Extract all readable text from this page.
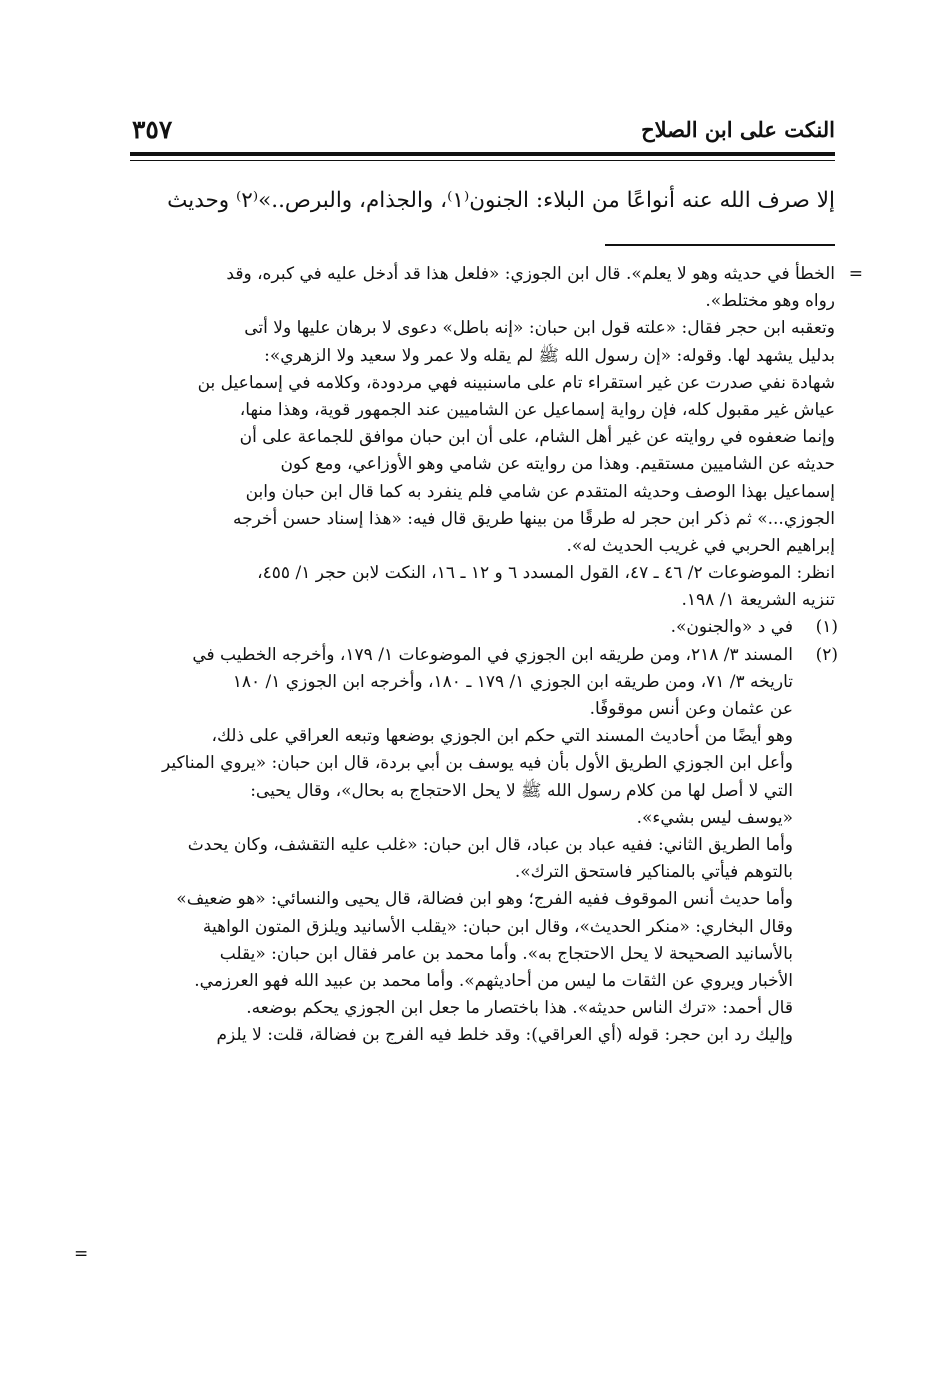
النكت على ابن الصلاح
٣٥٧
إلا صرف الله عنه أنواعًا من البلاء: الجنون⁽١⁾، والجذام، والبرص..»⁽٢⁾ وحديث
=
الخطأ في حديثه وهو لا يعلم». قال ابن الجوزي: «فلعل هذا قد أدخل عليه في كبره، وقد
رواه وهو مختلط».
وتعقبه ابن حجر فقال: «علته قول ابن حبان: «إنه باطل» دعوى لا برهان عليها ولا أتى
بدليل يشهد لها. وقوله: «إن رسول الله ﷺ لم يقله ولا عمر ولا سعيد ولا الزهري»:
شهادة نفي صدرت عن غير استقراء تام على ماسنبينه فهي مردودة، وكلامه في إسماعيل بن
عياش غير مقبول كله، فإن رواية إسماعيل عن الشاميين عند الجمهور قوية، وهذا منها،
وإنما ضعفوه في روايته عن غير أهل الشام، على أن ابن حبان موافق للجماعة على أن
حديثه عن الشاميين مستقيم. وهذا من روايته عن شامي وهو الأوزاعي، ومع كون
إسماعيل بهذا الوصف وحديثه المتقدم عن شامي فلم ينفرد به كما قال ابن حبان وابن
الجوزي...» ثم ذكر ابن حجر له طرقًا من بينها طريق قال فيه: «هذا إسناد حسن أخرجه
إبراهيم الحربي في غريب الحديث له».
انظر: الموضوعات ٢/ ٤٦ ـ ٤٧، القول المسدد ٦ و ١٢ ـ ١٦، النكت لابن حجر ١/ ٤٥٥،
تنزيه الشريعة ١/ ١٩٨.
(١)
في د «والجنون».
(٢)
المسند ٣/ ٢١٨، ومن طريقه ابن الجوزي في الموضوعات ١/ ١٧٩، وأخرجه الخطيب في
تاريخه ٣/ ٧١، ومن طريقه ابن الجوزي ١/ ١٧٩ ـ ١٨٠، وأخرجه ابن الجوزي ١/ ١٨٠
عن عثمان وعن أنس موقوفًا.
وهو أيضًا من أحاديث المسند التي حكم ابن الجوزي بوضعها وتبعه العراقي على ذلك،
وأعل ابن الجوزي الطريق الأول بأن فيه يوسف بن أبي بردة، قال ابن حبان: «يروي المناكير
التي لا أصل لها من كلام رسول الله ﷺ لا يحل الاحتجاج به بحال»، وقال يحيى:
«يوسف ليس بشيء».
وأما الطريق الثاني: ففيه عباد بن عباد، قال ابن حبان: «غلب عليه التقشف، وكان يحدث
بالتوهم فيأتي بالمناكير فاستحق الترك».
وأما حديث أنس الموقوف ففيه الفرج؛ وهو ابن فضالة، قال يحيى والنسائي: «هو ضعيف»
وقال البخاري: «منكر الحديث»، وقال ابن حبان: «يقلب الأسانيد ويلزق المتون الواهية
بالأسانيد الصحيحة لا يحل الاحتجاج به». وأما محمد بن عامر فقال ابن حبان: «يقلب
الأخبار ويروي عن الثقات ما ليس من أحاديثهم». وأما محمد بن عبيد الله فهو العرزمي.
قال أحمد: «ترك الناس حديثه». هذا باختصار ما جعل ابن الجوزي يحكم بوضعه.
وإليك رد ابن حجر: قوله (أي العراقي): وقد خلط فيه الفرج بن فضالة، قلت: لا يلزم
=
